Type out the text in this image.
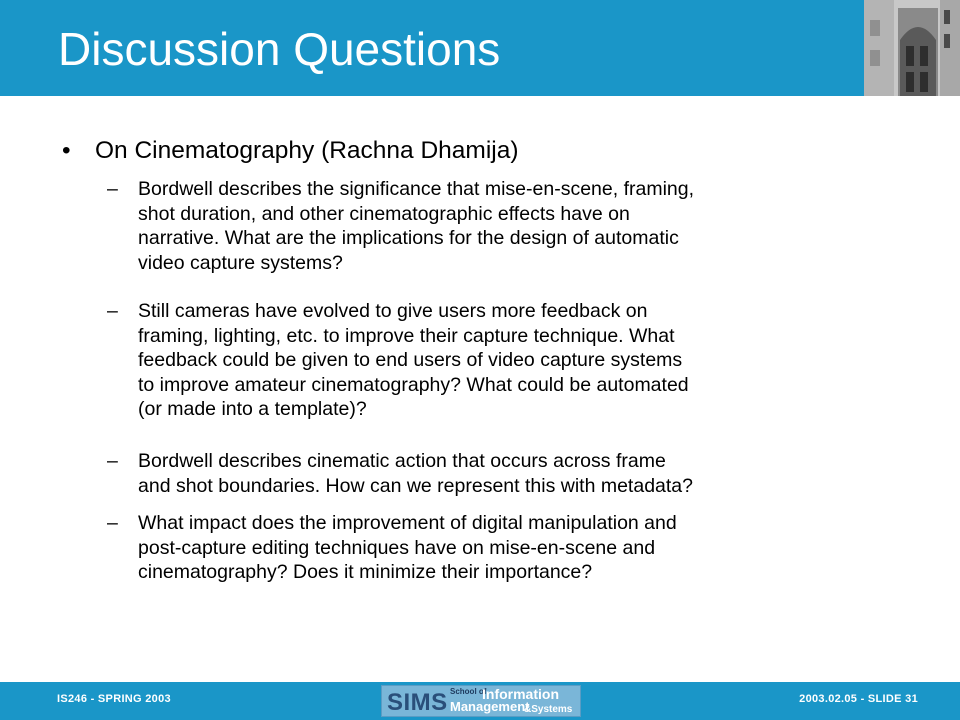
Discussion Questions
• On Cinematography (Rachna Dhamija)
– Bordwell describes the significance that mise-en-scene, framing,
shot duration, and other cinematographic effects have on
narrative. What are the implications for the design of automatic
video capture systems?
– Still cameras have evolved to give users more feedback on
framing, lighting, etc. to improve their capture technique. What
feedback could be given to end users of video capture systems
to improve amateur cinematography? What could be automated
(or made into a template)?
– Bordwell describes cinematic action that occurs across frame
and shot boundaries. How can we represent this with metadata?
– What impact does the improvement of digital manipulation and
post-capture editing techniques have on mise-en-scene and
cinematography? Does it minimize their importance?
IS246 - SPRING 2003	2003.02.05 - SLIDE 31
SIMS School of
Information
Management
&Systems
